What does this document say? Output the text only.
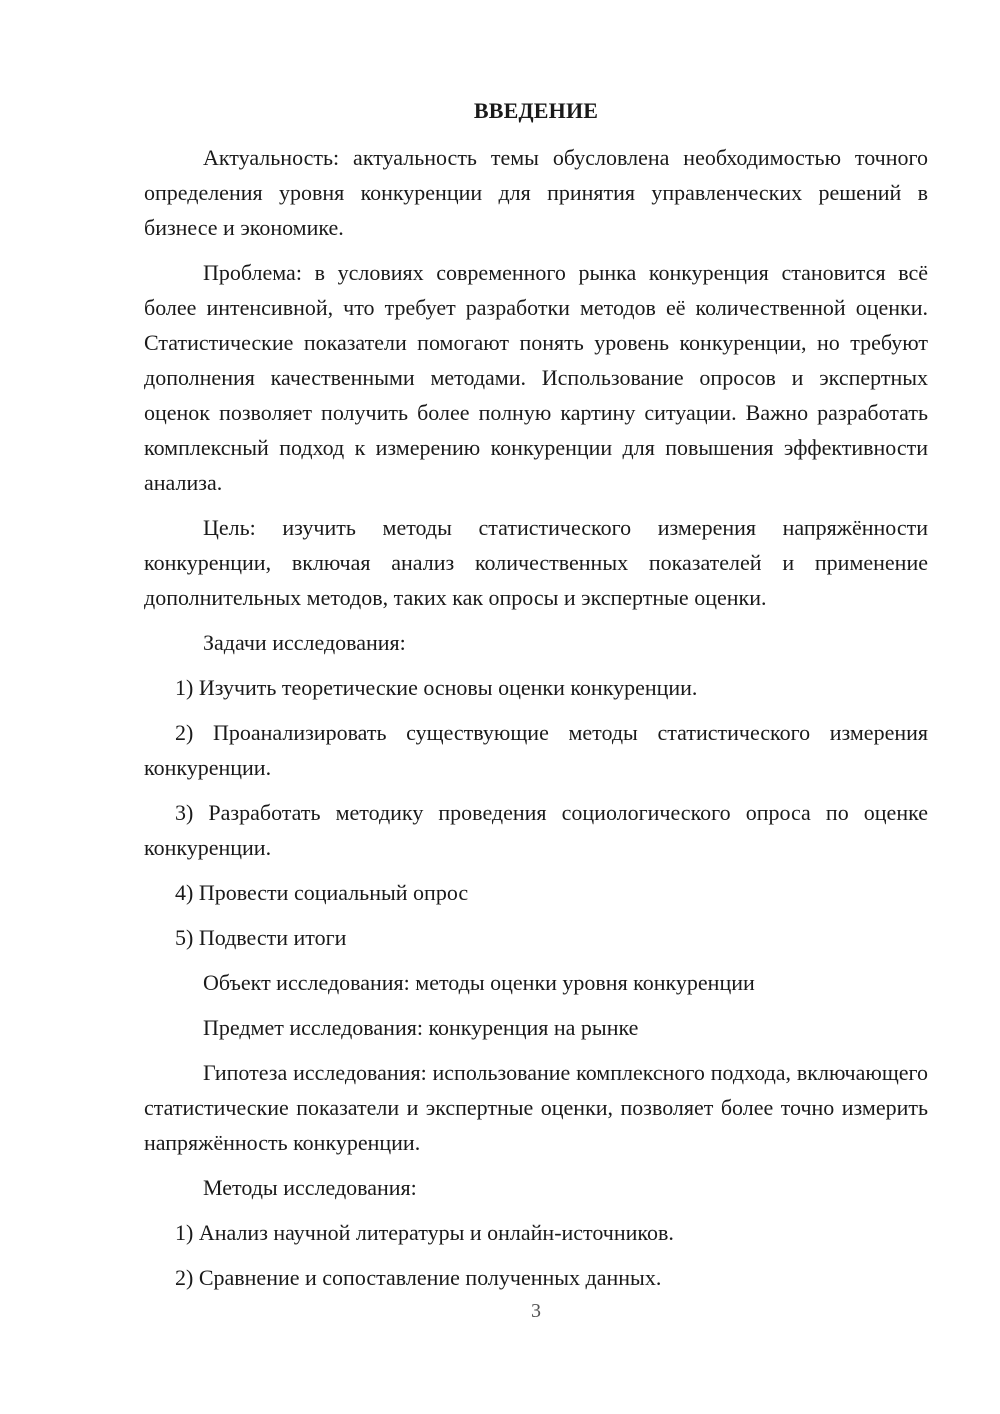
ВВЕДЕНИЕ

Актуальность: актуальность темы обусловлена необходимостью точного определения уровня конкуренции для принятия управленческих решений в бизнесе и экономике.

Проблема: в условиях современного рынка конкуренция становится всё более интенсивной, что требует разработки методов её количественной оценки. Статистические показатели помогают понять уровень конкуренции, но требуют дополнения качественными методами. Использование опросов и экспертных оценок позволяет получить более полную картину ситуации. Важно разработать комплексный подход к измерению конкуренции для повышения эффективности анализа.

Цель: изучить методы статистического измерения напряжённости конкуренции, включая анализ количественных показателей и применение дополнительных методов, таких как опросы и экспертные оценки.

Задачи исследования:

1) Изучить теоретические основы оценки конкуренции.

2) Проанализировать существующие методы статистического измерения конкуренции.

3) Разработать методику проведения социологического опроса по оценке конкуренции.

4) Провести социальный опрос

5) Подвести итоги

Объект исследования: методы оценки уровня конкуренции

Предмет исследования: конкуренция на рынке

Гипотеза исследования: использование комплексного подхода, включающего статистические показатели и экспертные оценки, позволяет более точно измерить напряжённость конкуренции.

Методы исследования:

1) Анализ научной литературы и онлайн-источников.

2) Сравнение и сопоставление полученных данных.

3
